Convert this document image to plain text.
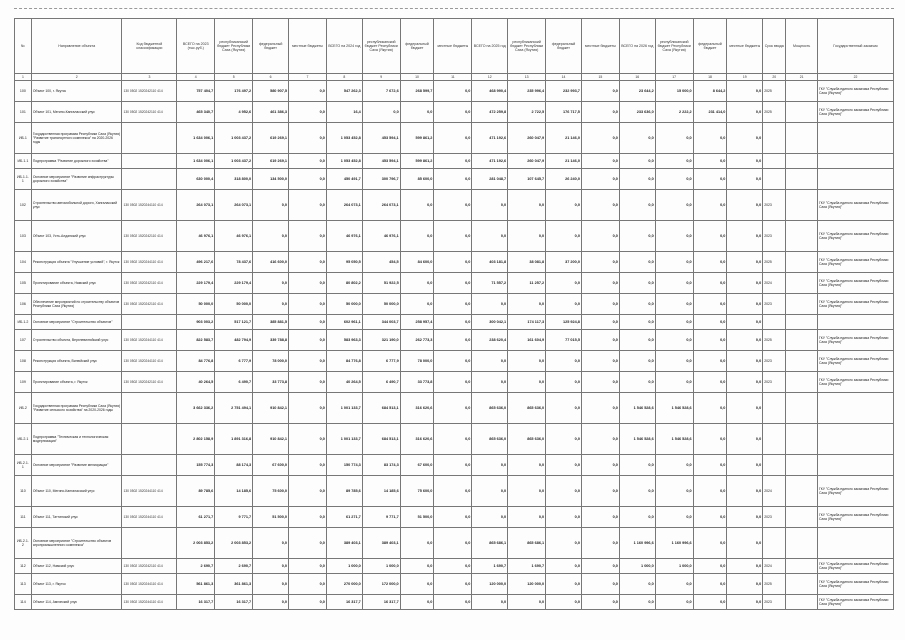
№	Направление объекта	Код бюджетной классификации	ВСЕГО на 2023 (тыс.руб.)	республиканский бюджет Республики Саха (Якутия)	федеральный бюджет	местные бюджеты	ВСЕГО на 2024 год	республиканский бюджет Республики Саха (Якутия)	федеральный бюджет	местные бюджеты	ВСЕГО на 2025 год	республиканский бюджет Республики Саха (Якутия)	федеральный бюджет	местные бюджеты	ВСЕГО на 2026 год	республиканский бюджет Республики Саха (Якутия)	федеральный бюджет	местные бюджеты	Срок ввода	Мощность	Государственный заказчик
1	2	3	4	5	6	7	8	9	10	11	12	13	14	15	16	17	18	19	20	21	22
100	Объект 100, г. Якутск	130 0502 1520242110 414	757 404,7	176 497,2	580 907,5	0,0	547 262,3	7 672,6	268 599,7	0,0	468 990,4	235 996,4	232 993,7	0,0	23 644,2	15 000,0	8 644,2	0,0	2025		ГКУ "Служба единого заказчика Республики Саха (Якутия)"
101	Объект 101, Мегино-Кангаласский улус	130 0502 1520242110 414	465 340,7	4 952,6	461 386,3	0,0	16,4	0,0	0,0	0,0	472 259,8	2 722,5	176 717,5	0,0	233 636,0	2 222,2	231 414,0	0,0	2025		ГКУ "Служба единого заказчика Республики Саха (Якутия)"
ИБ.1	Государственная программа Республики Саха (Якутия) "Развитие транспортного комплекса" на 2020-2026 годы		1 634 006,1	1 003 437,2	619 269,1	0,0	1 053 452,8	453 594,1	599 861,2	0,0	471 192,6	260 047,9	21 146,0	0,0	0,0	0,0	0,0	0,0			
ИБ.1.1	Подпрограмма "Развитие дорожного хозяйства"		1 634 006,1	1 003 437,2	619 269,1	0,0	1 053 452,8	453 594,1	599 861,2	0,0	471 192,6	260 047,9	21 146,0	0,0	0,0	0,0	0,0	0,0			
ИБ.1.1.1	Основное мероприятие "Развитие инфраструктуры дорожного хозяйства"		630 000,4	318 800,0	134 500,0	0,0	450 491,7	300 796,7	85 600,0	0,0	281 048,7	107 645,7	26 240,0	0,0	0,0	0,0	0,0	0,0			
102	Строительство автомобильной дороги, Хангаласский улус	130 0502 1520244110 414	264 073,1	264 073,1	0,0	0,0	264 073,1	264 073,1	0,0	0,0	0,0	0,0	0,0	0,0	0,0	0,0	0,0	0,0	2023		ГКУ "Служба единого заказчика Республики Саха (Якутия)"
103	Объект 103, Усть-Алданский улус	130 0502 1520242110 414	46 976,1	46 976,1	0,0	0,0	46 976,1	46 976,1	0,0	0,0	0,0	0,0	0,0	0,0	0,0	0,0	0,0	0,0	2023		ГКУ "Служба единого заказчика Республики Саха (Якутия)"
104	Реконструкция объекта "Улучшение условий", г. Якутск	130 0502 1520244110 414	496 217,6	78 437,6	416 600,0	0,0	95 050,5	454,5	84 600,0	0,0	403 181,8	38 081,8	37 200,0	0,0	0,0	0,0	0,0	0,0	2025		ГКУ "Служба единого заказчика Республики Саха (Якутия)"
105	Проектирование объекта, Намский улус	130 0502 1520242110 414	229 179,4	229 179,4	0,0	0,0	80 802,2	51 922,5	0,0	0,0	71 557,2	11 257,2	0,0	0,0	0,0	0,0	0,0	0,0	2024		ГКУ "Служба единого заказчика Республики Саха (Якутия)"
106	Обеспечение мероприятий по строительству объектов Республики Саха (Якутия)	130 0502 1520242110 414	50 000,0	50 000,0	0,0	0,0	50 000,0	50 000,0	0,0	0,0	0,0	0,0	0,0	0,0	0,0	0,0	0,0	0,0	2023		ГКУ "Служба единого заказчика Республики Саха (Якутия)"
ИБ.1.2	Основное мероприятие "Строительство объектов"		903 003,2	517 121,7	385 881,5	0,0	602 961,1	344 003,7	258 957,4	0,0	300 042,1	174 117,3	125 924,8	0,0	0,0	0,0	0,0	0,0			
107	Строительство объекта, Верхневилюйский улус	130 0502 1520244110 414	822 583,7	482 794,9	339 788,8	0,0	583 963,3	321 190,0	262 773,3	0,0	238 620,4	161 604,9	77 015,5	0,0	0,0	0,0	0,0	0,0	2025		ГКУ "Служба единого заказчика Республики Саха (Якутия)"
108	Реконструкция объекта, Вилюйский улус	130 0502 1520244110 414	84 776,8	6 777,9	78 000,0	0,0	84 776,8	6 777,9	78 000,0	0,0	0,0	0,0	0,0	0,0	0,0	0,0	0,0	0,0	2023		ГКУ "Служба единого заказчика Республики Саха (Якутия)"
109	Проектирование объекта, г. Якутск	130 0502 1520242110 414	40 264,5	6 490,7	33 773,8	0,0	40 264,5	6 490,7	33 773,8	0,0	0,0	0,0	0,0	0,0	0,0	0,0	0,0	0,0	2023		ГКУ "Служба единого заказчика Республики Саха (Якутия)"
ИБ.2	Государственная программа Республики Саха (Якутия) "Развитие сельского хозяйства" на 2020-2026 годы		3 662 336,2	2 751 494,1	910 842,1	0,0	1 001 133,7	684 513,1	316 620,6	0,0	865 636,0	865 636,0	0,0	0,0	1 546 528,6	1 546 528,6	0,0	0,0			
ИБ.2.1	Подпрограмма "Техническая и технологическая модернизация"		2 802 158,9	1 891 316,8	910 842,1	0,0	1 001 133,7	684 513,1	316 620,6	0,0	865 636,0	865 636,0	0,0	0,0	1 546 528,6	1 546 528,6	0,0	0,0			
ИБ.2.1.1	Основное мероприятие "Развитие мелиорации"		155 774,3	88 174,3	67 600,0	0,0	150 774,3	83 174,3	67 600,0	0,0	0,0	0,0	0,0	0,0	0,0	0,0	0,0	0,0			
110	Объект 110, Мегино-Кангаласский улус	130 0502 1520244110 414	89 785,6	14 185,6	75 600,0	0,0	89 785,6	14 185,6	75 600,0	0,0	0,0	0,0	0,0	0,0	0,0	0,0	0,0	0,0	2024		ГКУ "Служба единого заказчика Республики Саха (Якутия)"
111	Объект 111, Таттинский улус	130 0502 1520244110 414	61 271,7	9 771,7	51 500,0	0,0	61 271,7	9 771,7	51 500,0	0,0	0,0	0,0	0,0	0,0	0,0	0,0	0,0	0,0	2023		ГКУ "Служба единого заказчика Республики Саха (Якутия)"
ИБ.2.1.2	Основное мероприятие "Строительство объектов агропромышленного комплекса"		2 003 853,2	2 003 853,2	0,0	0,0	389 403,1	389 403,1	0,0	0,0	865 686,1	865 686,1	0,0	0,0	1 160 996,6	1 160 996,6	0,0	0,0			
112	Объект 112, Намский улус	130 0502 1520242110 414	2 690,7	2 690,7	0,0	0,0	1 000,0	1 000,0	0,0	0,0	1 690,7	1 690,7	0,0	0,0	1 000,0	1 000,0	0,0	0,0	2024		ГКУ "Служба единого заказчика Республики Саха (Якутия)"
113	Объект 113, г. Якутск	130 0502 1520244110 414	561 861,3	361 861,3	0,0	0,0	270 000,0	172 000,0	0,0	0,0	120 000,0	120 000,0	0,0	0,0	0,0	0,0	0,0	0,0	2025		ГКУ "Служба единого заказчика Республики Саха (Якутия)"
114	Объект 114, Амгинский улус	130 0502 1520244110 414	16 317,7	16 317,7	0,0	0,0	16 317,7	16 317,7	0,0	0,0	0,0	0,0	0,0	0,0	0,0	0,0	0,0	0,0	2023		ГКУ "Служба единого заказчика Республики Саха (Якутия)"
